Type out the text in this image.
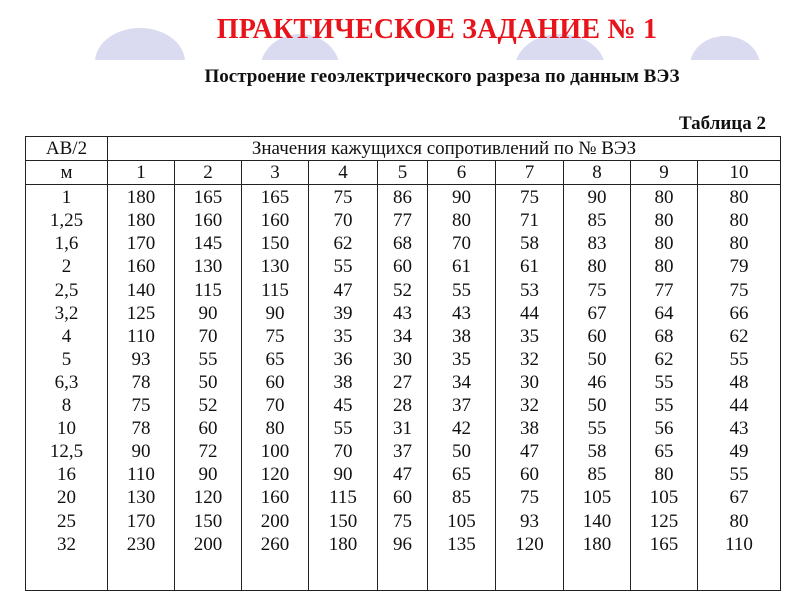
ПРАКТИЧЕСКОЕ ЗАДАНИЕ № 1
Построение геоэлектрического разреза по данным ВЭЗ
Таблица 2
АВ/2	Значения кажущихся сопротивлений по № ВЭЗ									
м	1	2	3	4	5	6	7	8	9	10
1	180	165	165	75	86	90	75	90	80	80
1,25	180	160	160	70	77	80	71	85	80	80
1,6	170	145	150	62	68	70	58	83	80	80
2	160	130	130	55	60	61	61	80	80	79
2,5	140	115	115	47	52	55	53	75	77	75
3,2	125	90	90	39	43	43	44	67	64	66
4	110	70	75	35	34	38	35	60	68	62
5	93	55	65	36	30	35	32	50	62	55
6,3	78	50	60	38	27	34	30	46	55	48
8	75	52	70	45	28	37	32	50	55	44
10	78	60	80	55	31	42	38	55	56	43
12,5	90	72	100	70	37	50	47	58	65	49
16	110	90	120	90	47	65	60	85	80	55
20	130	120	160	115	60	85	75	105	105	67
25	170	150	200	150	75	105	93	140	125	80
32	230	200	260	180	96	135	120	180	165	110
